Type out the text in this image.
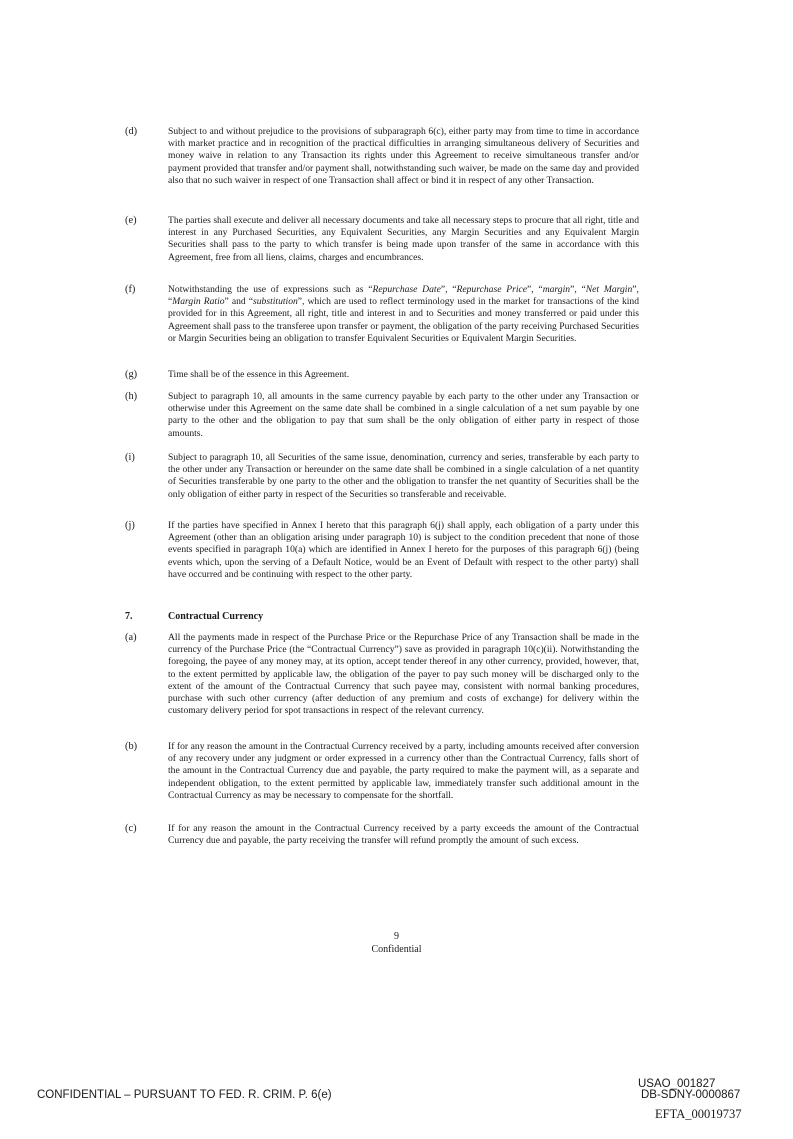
(d)	Subject to and without prejudice to the provisions of subparagraph 6(c), either party may from time to time in accordance with market practice and in recognition of the practical difficulties in arranging simultaneous delivery of Securities and money waive in relation to any Transaction its rights under this Agreement to receive simultaneous transfer and/or payment provided that transfer and/or payment shall, notwithstanding such waiver, be made on the same day and provided also that no such waiver in respect of one Transaction shall affect or bind it in respect of any other Transaction.
(e)	The parties shall execute and deliver all necessary documents and take all necessary steps to procure that all right, title and interest in any Purchased Securities, any Equivalent Securities, any Margin Securities and any Equivalent Margin Securities shall pass to the party to which transfer is being made upon transfer of the same in accordance with this Agreement, free from all liens, claims, charges and encumbrances.
(f)	Notwithstanding the use of expressions such as “Repurchase Date”, “Repurchase Price”, “margin”, “Net Margin”, “Margin Ratio” and “substitution”, which are used to reflect terminology used in the market for transactions of the kind provided for in this Agreement, all right, title and interest in and to Securities and money transferred or paid under this Agreement shall pass to the transferee upon transfer or payment, the obligation of the party receiving Purchased Securities or Margin Securities being an obligation to transfer Equivalent Securities or Equivalent Margin Securities.
(g)	Time shall be of the essence in this Agreement.
(h)	Subject to paragraph 10, all amounts in the same currency payable by each party to the other under any Transaction or otherwise under this Agreement on the same date shall be combined in a single calculation of a net sum payable by one party to the other and the obligation to pay that sum shall be the only obligation of either party in respect of those amounts.
(i)	Subject to paragraph 10, all Securities of the same issue, denomination, currency and series, transferable by each party to the other under any Transaction or hereunder on the same date shall be combined in a single calculation of a net quantity of Securities transferable by one party to the other and the obligation to transfer the net quantity of Securities shall be the only obligation of either party in respect of the Securities so transferable and receivable.
(j)	If the parties have specified in Annex I hereto that this paragraph 6(j) shall apply, each obligation of a party under this Agreement (other than an obligation arising under paragraph 10) is subject to the condition precedent that none of those events specified in paragraph 10(a) which are identified in Annex I hereto for the purposes of this paragraph 6(j) (being events which, upon the serving of a Default Notice, would be an Event of Default with respect to the other party) shall have occurred and be continuing with respect to the other party.
7.	Contractual Currency
(a)	All the payments made in respect of the Purchase Price or the Repurchase Price of any Transaction shall be made in the currency of the Purchase Price (the “Contractual Currency”) save as provided in paragraph 10(c)(ii). Notwithstanding the foregoing, the payee of any money may, at its option, accept tender thereof in any other currency, provided, however, that, to the extent permitted by applicable law, the obligation of the payer to pay such money will be discharged only to the extent of the amount of the Contractual Currency that such payee may, consistent with normal banking procedures, purchase with such other currency (after deduction of any premium and costs of exchange) for delivery within the customary delivery period for spot transactions in respect of the relevant currency.
(b)	If for any reason the amount in the Contractual Currency received by a party, including amounts received after conversion of any recovery under any judgment or order expressed in a currency other than the Contractual Currency, falls short of the amount in the Contractual Currency due and payable, the party required to make the payment will, as a separate and independent obligation, to the extent permitted by applicable law, immediately transfer such additional amount in the Contractual Currency as may be necessary to compensate for the shortfall.
(c)	If for any reason the amount in the Contractual Currency received by a party exceeds the amount of the Contractual Currency due and payable, the party receiving the transfer will refund promptly the amount of such excess.
9
Confidential
CONFIDENTIAL – PURSUANT TO FED. R. CRIM. P. 6(e)
USAO_001827
DB-SDNY-0000867
EFTA_00019737
